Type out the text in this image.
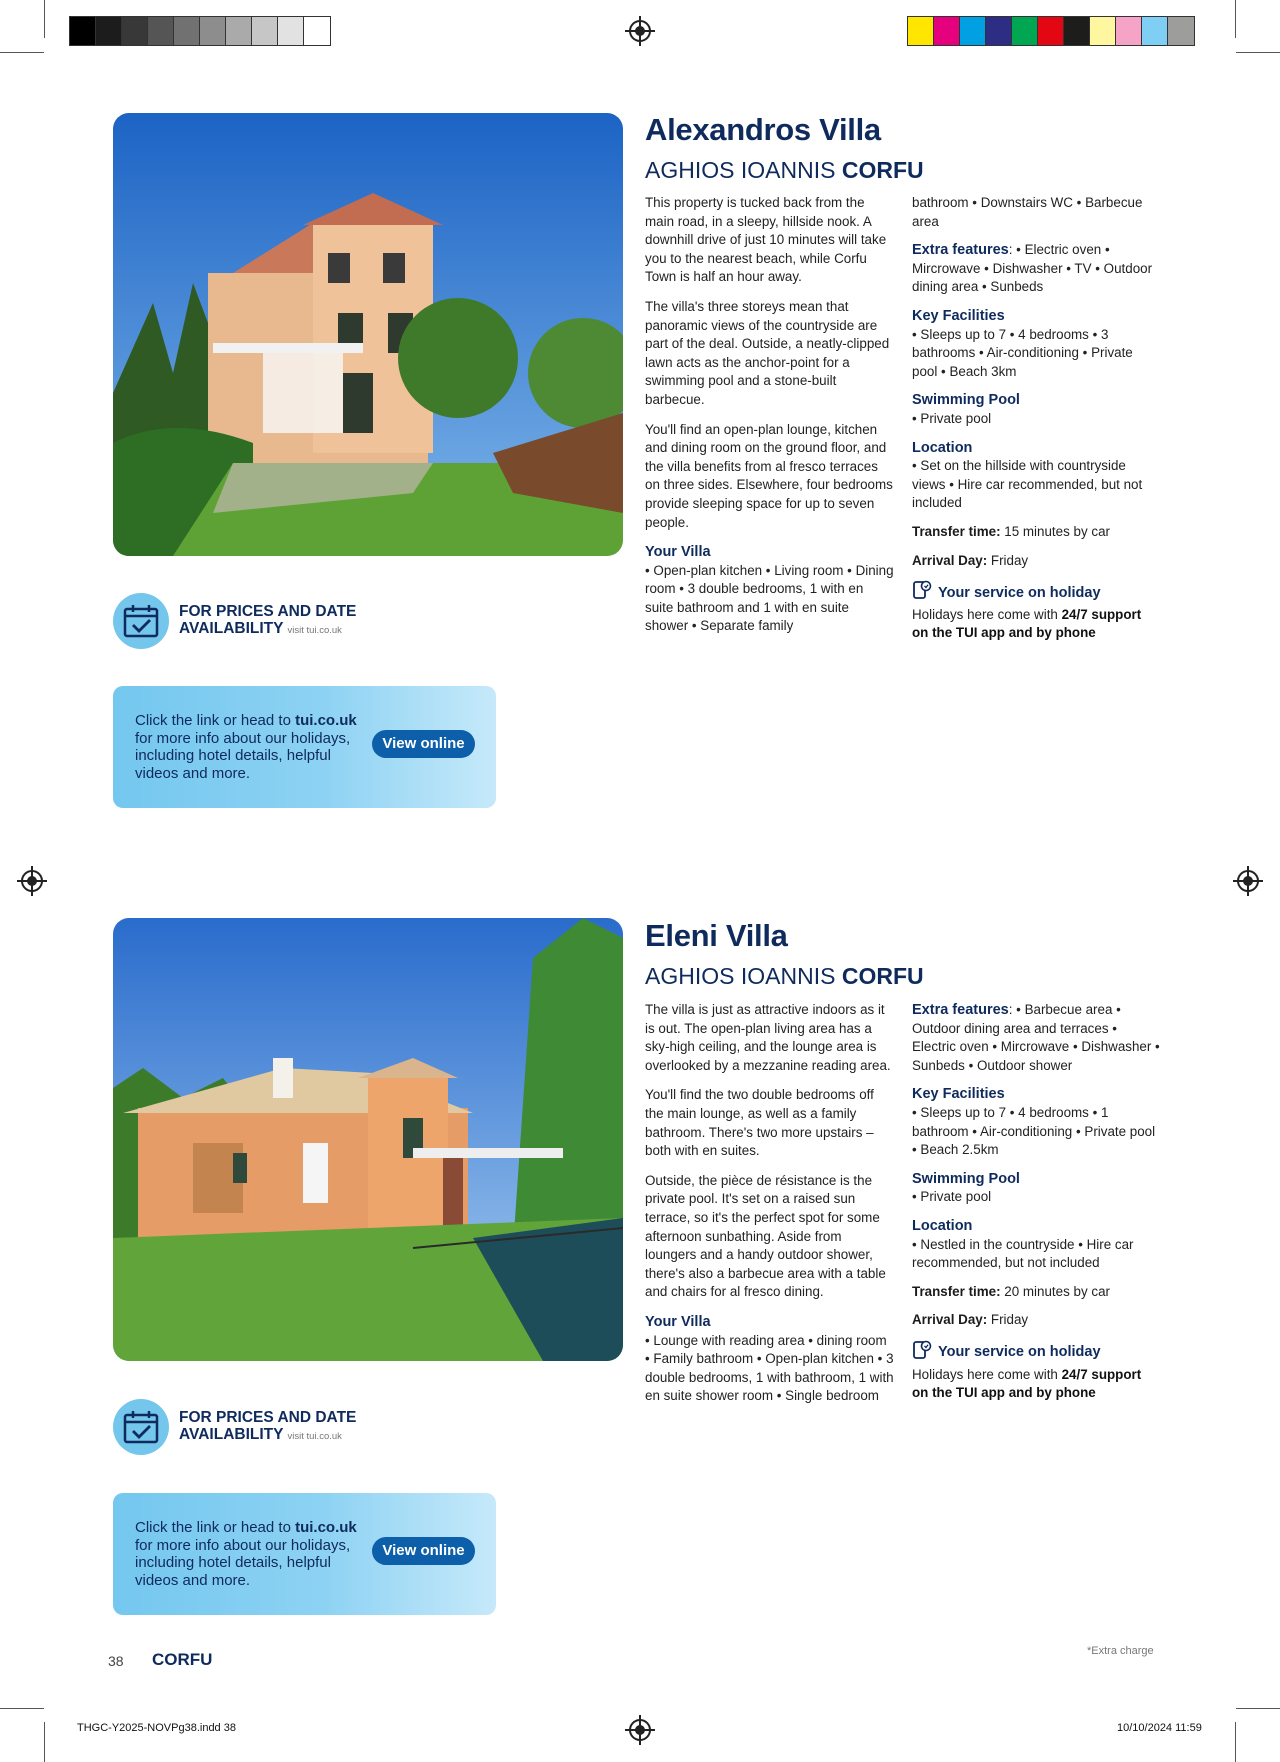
THGC-Y2025-NOVPg38.indd 38	10/10/2024 11:59
Alexandros Villa
AGHIOS IOANNIS CORFU

This property is tucked back from the main road, in a sleepy, hillside nook. A downhill drive of just 10 minutes will take you to the nearest beach, while Corfu Town is half an hour away.

The villa's three storeys mean that panoramic views of the countryside are part of the deal. Outside, a neatly-clipped lawn acts as the anchor-point for a swimming pool and a stone-built barbecue.

You'll find an open-plan lounge, kitchen and dining room on the ground floor, and the villa benefits from al fresco terraces on three sides. Elsewhere, four bedrooms provide sleeping space for up to seven people.

Your Villa
• Open-plan kitchen • Living room • Dining room • 3 double bedrooms, 1 with en suite bathroom and 1 with en suite shower • Separate family
bathroom • Downstairs WC • Barbecue area
Extra features: • Electric oven • Mircrowave • Dishwasher • TV • Outdoor dining area • Sunbeds
Key Facilities
• Sleeps up to 7 • 4 bedrooms • 3 bathrooms • Air-conditioning • Private pool • Beach 3km
Swimming Pool
• Private pool
Location
• Set on the hillside with countryside views • Hire car recommended, but not included
Transfer time: 15 minutes by car
Arrival Day: Friday
Your service on holiday
Holidays here come with 24/7 support on the TUI app and by phone
FOR PRICES AND DATE
AVAILABILITY visit tui.co.uk
Click the link or head to tui.co.uk for more info about our holidays, including hotel details, helpful videos and more.
View online
Eleni Villa
AGHIOS IOANNIS CORFU

The villa is just as attractive indoors as it is out. The open-plan living area has a sky-high ceiling, and the lounge area is overlooked by a mezzanine reading area.

You'll find the two double bedrooms off the main lounge, as well as a family bathroom. There's two more upstairs – both with en suites.

Outside, the pièce de résistance is the private pool. It's set on a raised sun terrace, so it's the perfect spot for some afternoon sunbathing. Aside from loungers and a handy outdoor shower, there's also a barbecue area with a table and chairs for al fresco dining.

Your Villa
• Lounge with reading area • dining room • Family bathroom • Open-plan kitchen • 3 double bedrooms, 1 with bathroom, 1 with en suite shower room • Single bedroom
Extra features: • Barbecue area • Outdoor dining area and terraces • Electric oven • Mircrowave • Dishwasher • Sunbeds • Outdoor shower
Key Facilities
• Sleeps up to 7 • 4 bedrooms • 1 bathroom • Air-conditioning • Private pool • Beach 2.5km
Swimming Pool
• Private pool
Location
• Nestled in the countryside • Hire car recommended, but not included
Transfer time: 20 minutes by car
Arrival Day: Friday
Your service on holiday
Holidays here come with 24/7 support on the TUI app and by phone
FOR PRICES AND DATE
AVAILABILITY visit tui.co.uk
Click the link or head to tui.co.uk for more info about our holidays, including hotel details, helpful videos and more.
View online
38 CORFU	*Extra charge
